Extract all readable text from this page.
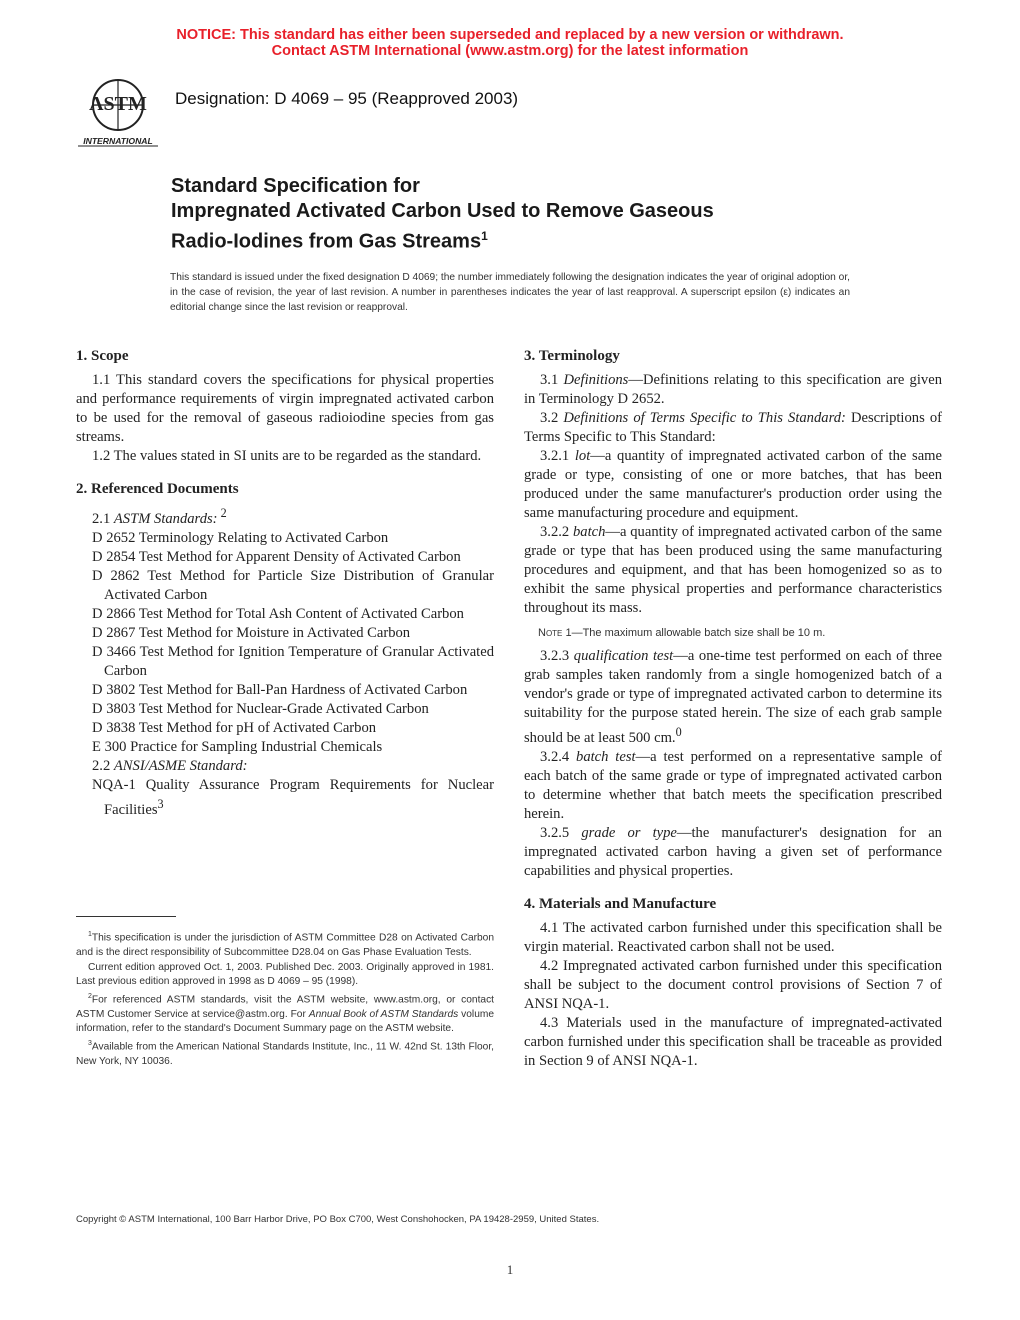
NOTICE: This standard has either been superseded and replaced by a new version or withdrawn.
Contact ASTM International (www.astm.org) for the latest information
ASTM
INTERNATIONAL
Designation: D 4069 – 95 (Reapproved 2003)
Standard Specification for
Impregnated Activated Carbon Used to Remove Gaseous
Radio-Iodines from Gas Streams$^1$
This standard is issued under the fixed designation D 4069; the number immediately following the designation indicates the year of original adoption or, in the case of revision, the year of last revision. A number in parentheses indicates the year of last reapproval. A superscript epsilon (ε) indicates an editorial change since the last revision or reapproval.
1. Scope

1.1 This standard covers the specifications for physical properties and performance requirements of virgin impregnated activated carbon to be used for the removal of gaseous radioiodine species from gas streams.

1.2 The values stated in SI units are to be regarded as the standard.

2. Referenced Documents

2.1 ASTM Standards: $^2$

D 2652 Terminology Relating to Activated Carbon

D 2854 Test Method for Apparent Density of Activated Carbon

D 2862 Test Method for Particle Size Distribution of Granular Activated Carbon

D 2866 Test Method for Total Ash Content of Activated Carbon

D 2867 Test Method for Moisture in Activated Carbon

D 3466 Test Method for Ignition Temperature of Granular Activated Carbon

D 3802 Test Method for Ball-Pan Hardness of Activated Carbon

D 3803 Test Method for Nuclear-Grade Activated Carbon

D 3838 Test Method for pH of Activated Carbon

E 300 Practice for Sampling Industrial Chemicals

2.2 ANSI/ASME Standard:

NQA-1 Quality Assurance Program Requirements for Nuclear Facilities$^3$

$^1$This specification is under the jurisdiction of ASTM Committee D28 on Activated Carbon and is the direct responsibility of Subcommittee D28.04 on Gas Phase Evaluation Tests.

Current edition approved Oct. 1, 2003. Published Dec. 2003. Originally approved in 1981. Last previous edition approved in 1998 as D 4069 – 95 (1998).

$^2$For referenced ASTM standards, visit the ASTM website, www.astm.org, or contact ASTM Customer Service at service@astm.org. For Annual Book of ASTM Standards volume information, refer to the standard's Document Summary page on the ASTM website.

$^3$Available from the American National Standards Institute, Inc., 11 W. 42nd St. 13th Floor, New York, NY 10036.

3. Terminology

3.1 Definitions—Definitions relating to this specification are given in Terminology D 2652.

3.2 Definitions of Terms Specific to This Standard: Descriptions of Terms Specific to This Standard:

3.2.1 lot—a quantity of impregnated activated carbon of the same grade or type, consisting of one or more batches, that has been produced under the same manufacturer's production order using the same manufacturing procedure and equipment.

3.2.2 batch—a quantity of impregnated activated carbon of the same grade or type that has been produced using the same manufacturing procedures and equipment, and that has been homogenized so as to exhibit the same physical properties and performance characteristics throughout its mass.

Note 1—The maximum allowable batch size shall be 10 m.

3.2.3 qualification test—a one-time test performed on each of three grab samples taken randomly from a single homogenized batch of a vendor's grade or type of impregnated activated carbon to determine its suitability for the purpose stated herein. The size of each grab sample should be at least 500 cm.$^0$

3.2.4 batch test—a test performed on a representative sample of each batch of the same grade or type of impregnated activated carbon to determine whether that batch meets the specification prescribed herein.

3.2.5 grade or type—the manufacturer's designation for an impregnated activated carbon having a given set of performance capabilities and physical properties.

4. Materials and Manufacture

4.1 The activated carbon furnished under this specification shall be virgin material. Reactivated carbon shall not be used.

4.2 Impregnated activated carbon furnished under this specification shall be subject to the document control provisions of Section 7 of ANSI NQA-1.

4.3 Materials used in the manufacture of impregnated-activated carbon furnished under this specification shall be traceable as provided in Section 9 of ANSI NQA-1.

Copyright © ASTM International, 100 Barr Harbor Drive, PO Box C700, West Conshohocken, PA 19428-2959, United States.
1
